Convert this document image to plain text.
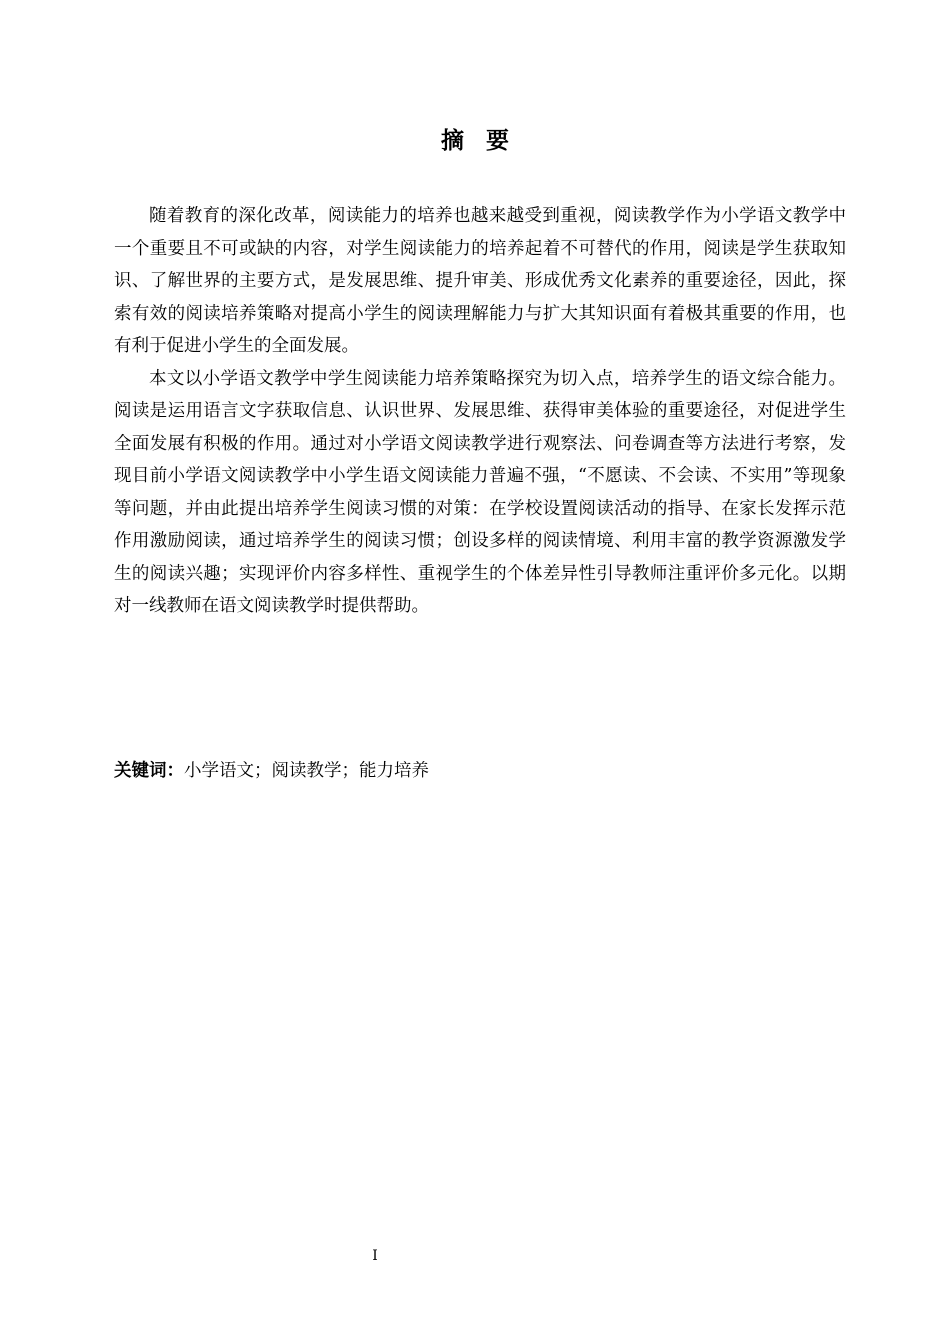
摘要

随着教育的深化改革，阅读能力的培养也越来越受到重视，阅读教学作为小学语文教学中一个重要且不可或缺的内容，对学生阅读能力的培养起着不可替代的作用，阅读是学生获取知识、了解世界的主要方式，是发展思维、提升审美、形成优秀文化素养的重要途径，因此，探索有效的阅读培养策略对提高小学生的阅读理解能力与扩大其知识面有着极其重要的作用，也有利于促进小学生的全面发展。

本文以小学语文教学中学生阅读能力培养策略探究为切入点，培养学生的语文综合能力。阅读是运用语言文字获取信息、认识世界、发展思维、获得审美体验的重要途径，对促进学生全面发展有积极的作用。通过对小学语文阅读教学进行观察法、问卷调查等方法进行考察，发现目前小学语文阅读教学中小学生语文阅读能力普遍不强，“不愿读、不会读、不实用”等现象等问题，并由此提出培养学生阅读习惯的对策：在学校设置阅读活动的指导、在家长发挥示范作用激励阅读，通过培养学生的阅读习惯；创设多样的阅读情境、利用丰富的教学资源激发学生的阅读兴趣；实现评价内容多样性、重视学生的个体差异性引导教师注重评价多元化。以期对一线教师在语文阅读教学时提供帮助。

关键词：小学语文；阅读教学；能力培养

I
